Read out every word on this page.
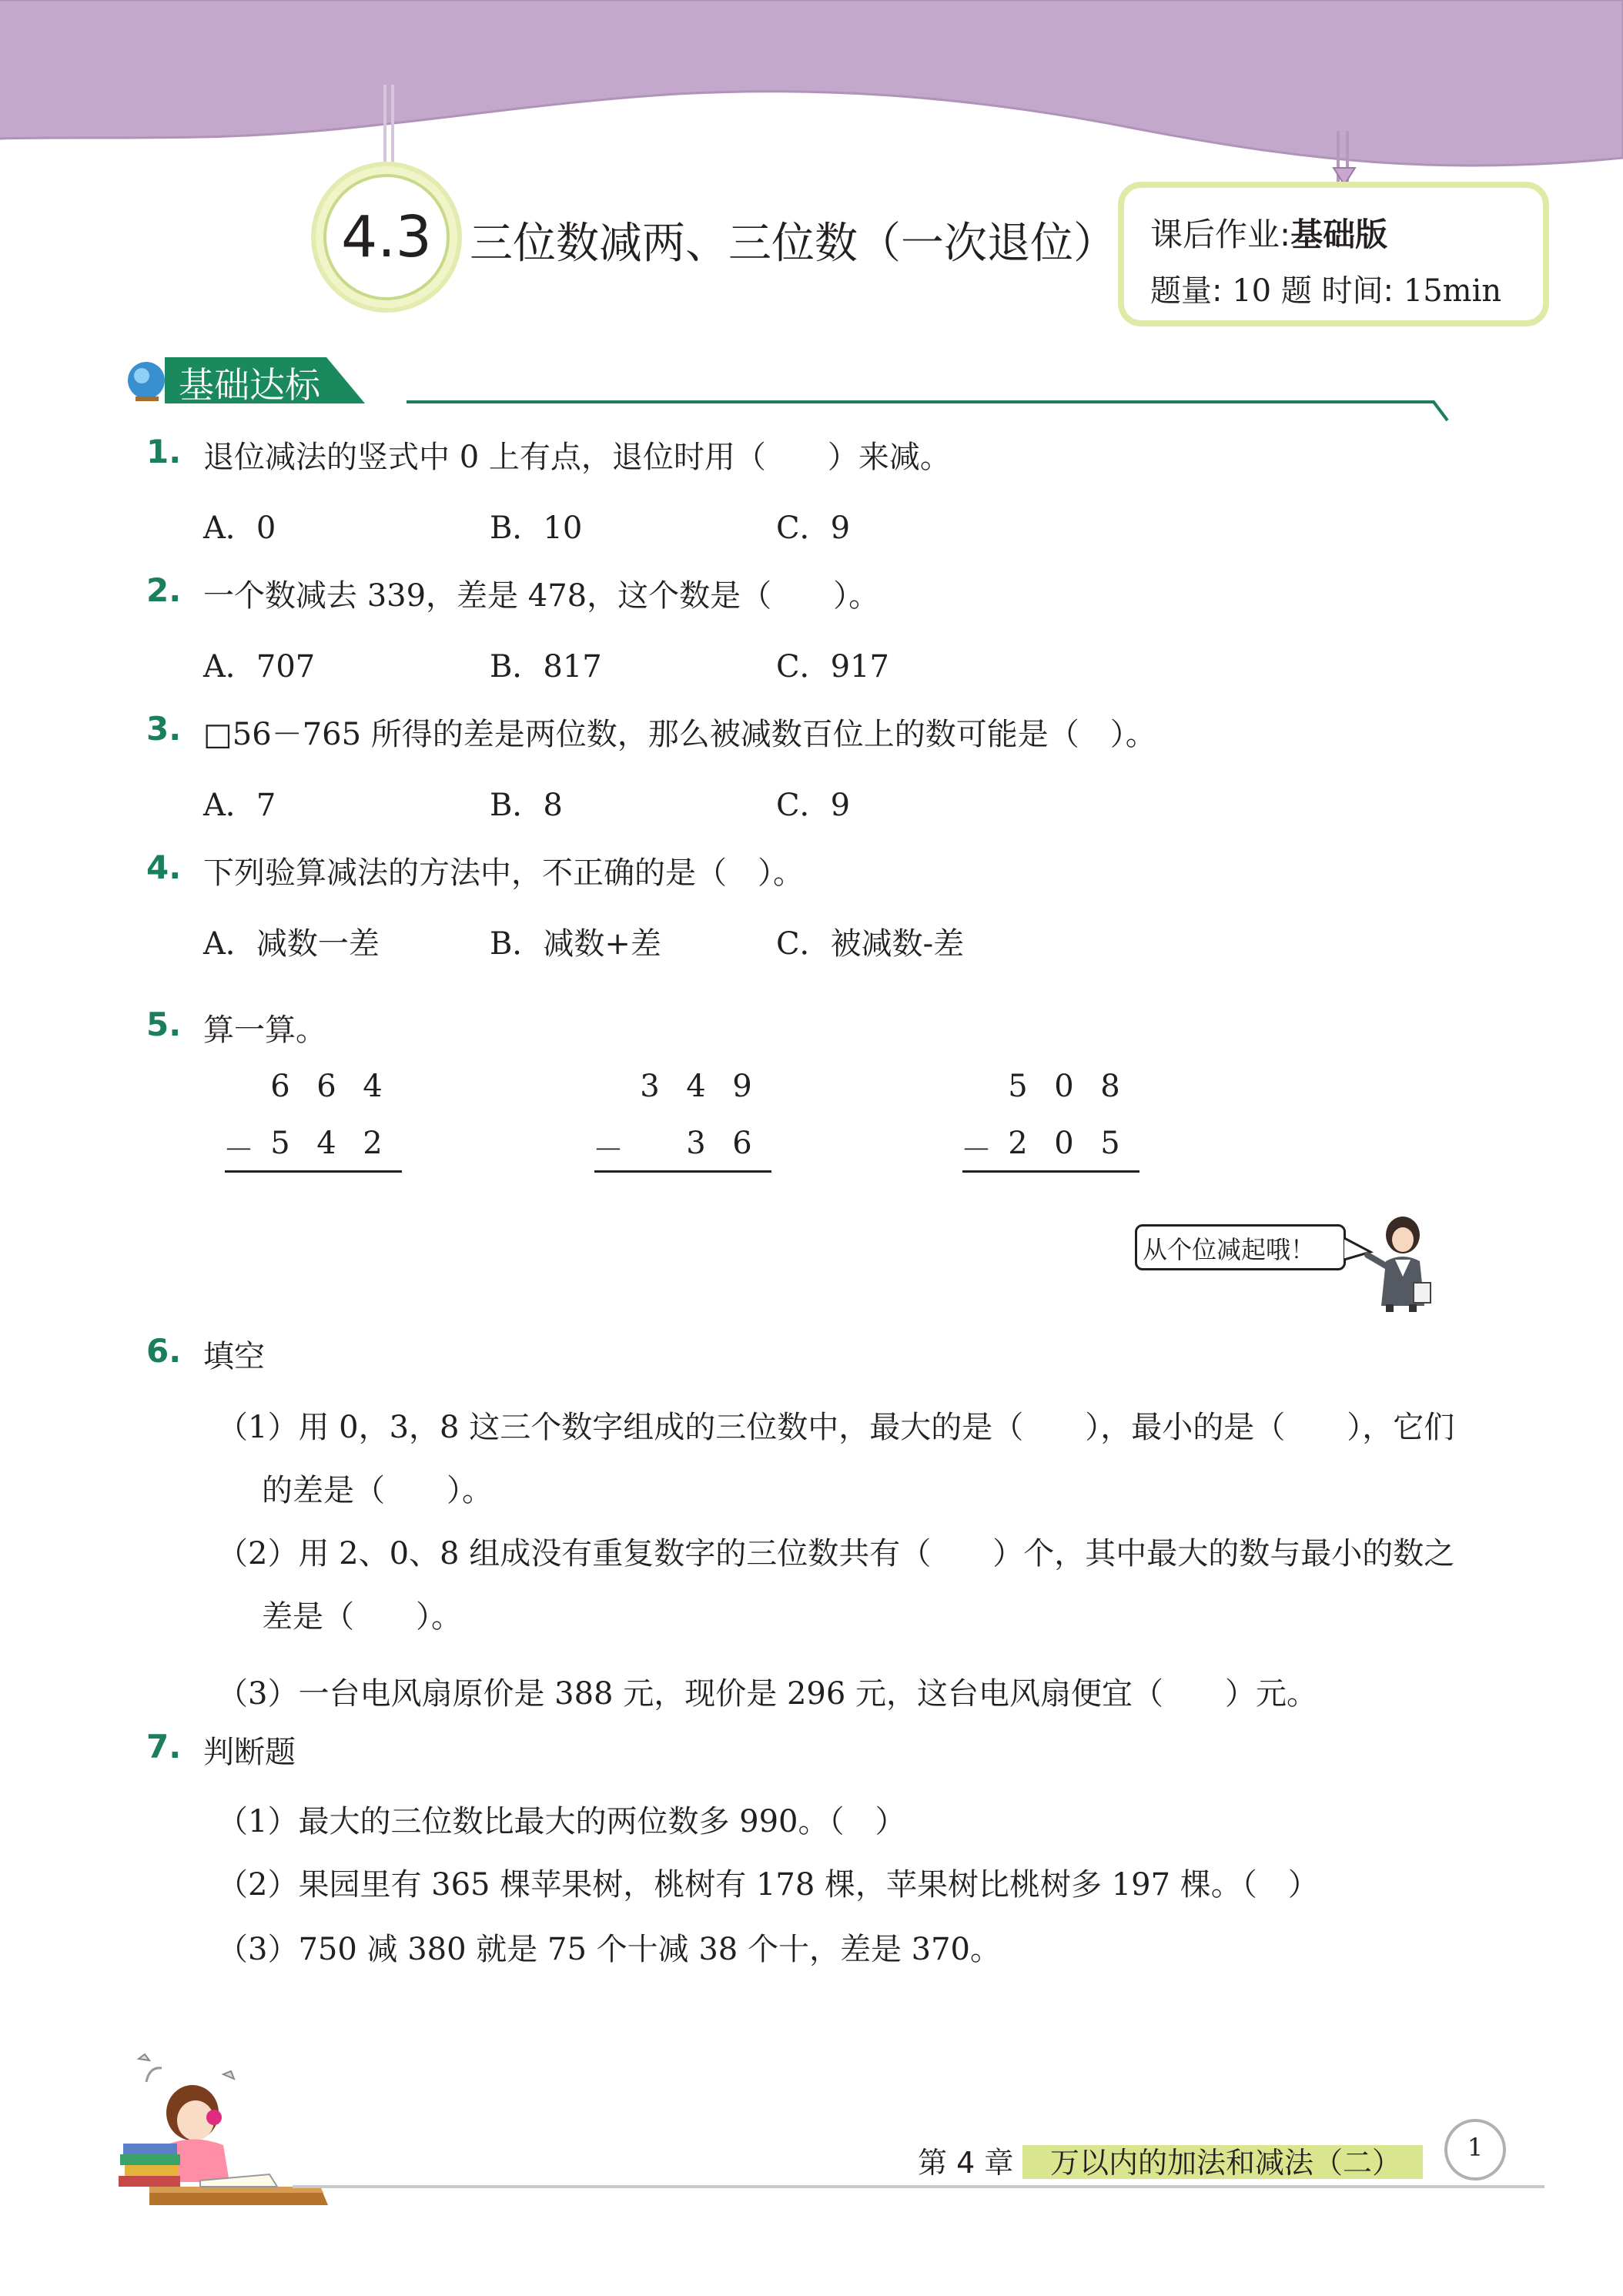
4.3 三位数减两、三位数（一次退位） 课后作业:基础版
题量: 10 题 时间: 15min
基础达标
1. 退位减法的竖式中 0 上有点，退位时用（　　）来减。
A．0	B．10	C．9
2. 一个数减去 339，差是 478，这个数是（　　）。
A．707	B．817	C．917
3. □56－765 所得的差是两位数，那么被减数百位上的数可能是（　）。
A．7	B．8	C．9
4. 下列验算减法的方法中，不正确的是（　）。
A．减数一差	B．减数+差	C．被减数-差
5. 算一算。
6 6 4
－ 5 4 2
3 4 9
－ 3 6
5 0 8
－ 2 0 5
从个位减起哦！
6. 填空
（1）用 0，3，8 这三个数字组成的三位数中，最大的是（　　），最小的是（　　），它们
的差是（　　）。
（2）用 2、0、8 组成没有重复数字的三位数共有（　　）个，其中最大的数与最小的数之
差是（　　）。
（3）一台电风扇原价是 388 元，现价是 296 元，这台电风扇便宜（　　）元。
7. 判断题
（1）最大的三位数比最大的两位数多 990。（　）
（2）果园里有 365 棵苹果树，桃树有 178 棵，苹果树比桃树多 197 棵。（　）
（3）750 减 380 就是 75 个十减 38 个十，差是 370。
第 4 章 万以内的加法和减法（二）	1
